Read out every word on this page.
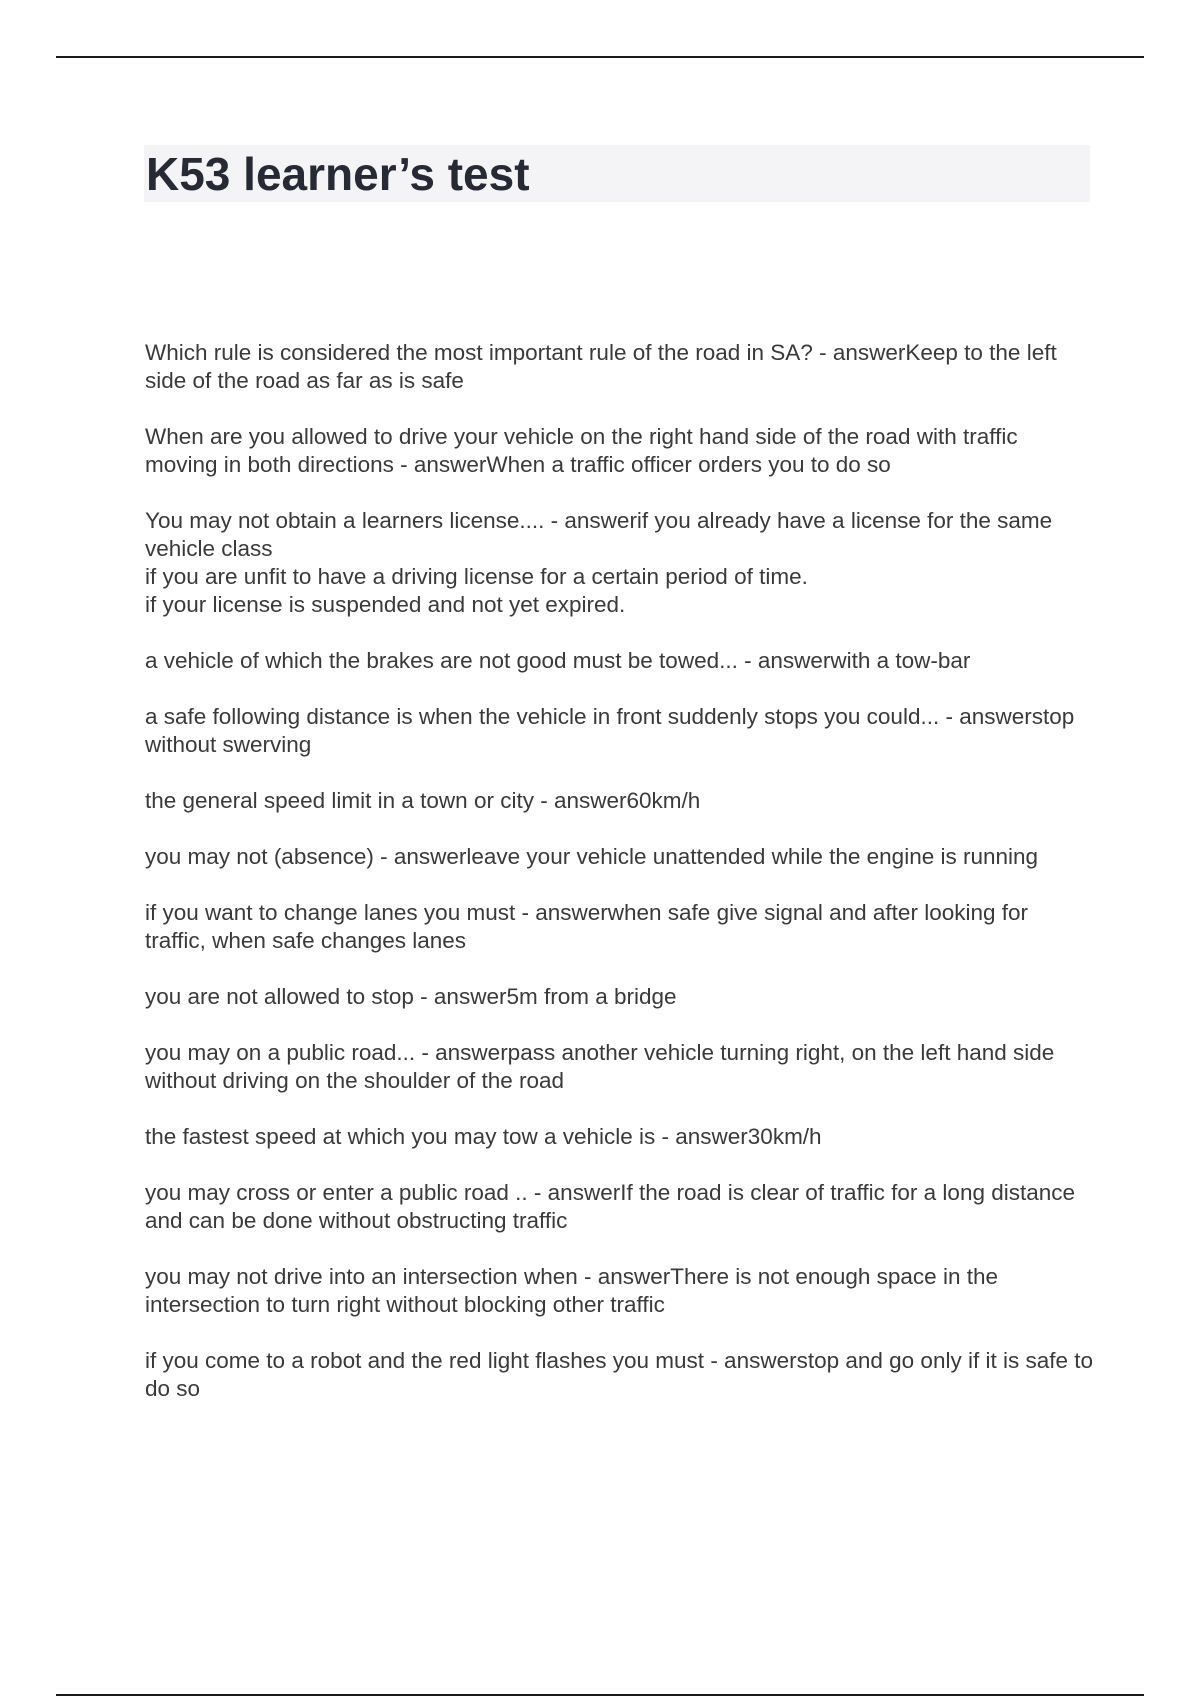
K53 learner’s test

Which rule is considered the most important rule of the road in SA? - answerKeep to the left side of the road as far as is safe

When are you allowed to drive your vehicle on the right hand side of the road with traffic moving in both directions - answerWhen a traffic officer orders you to do so

You may not obtain a learners license.... - answerif you already have a license for the same vehicle class
if you are unfit to have a driving license for a certain period of time.
if your license is suspended and not yet expired.

a vehicle of which the brakes are not good must be towed... - answerwith a tow-bar

a safe following distance is when the vehicle in front suddenly stops you could... - answerstop without swerving

the general speed limit in a town or city - answer60km/h

you may not (absence) - answerleave your vehicle unattended while the engine is running

if you want to change lanes you must - answerwhen safe give signal and after looking for traffic, when safe changes lanes

you are not allowed to stop - answer5m from a bridge

you may on a public road... - answerpass another vehicle turning right, on the left hand side without driving on the shoulder of the road

the fastest speed at which you may tow a vehicle is - answer30km/h

you may cross or enter a public road .. - answerIf the road is clear of traffic for a long distance and can be done without obstructing traffic

you may not drive into an intersection when - answerThere is not enough space in the intersection to turn right without blocking other traffic

if you come to a robot and the red light flashes you must - answerstop and go only if it is safe to do so
